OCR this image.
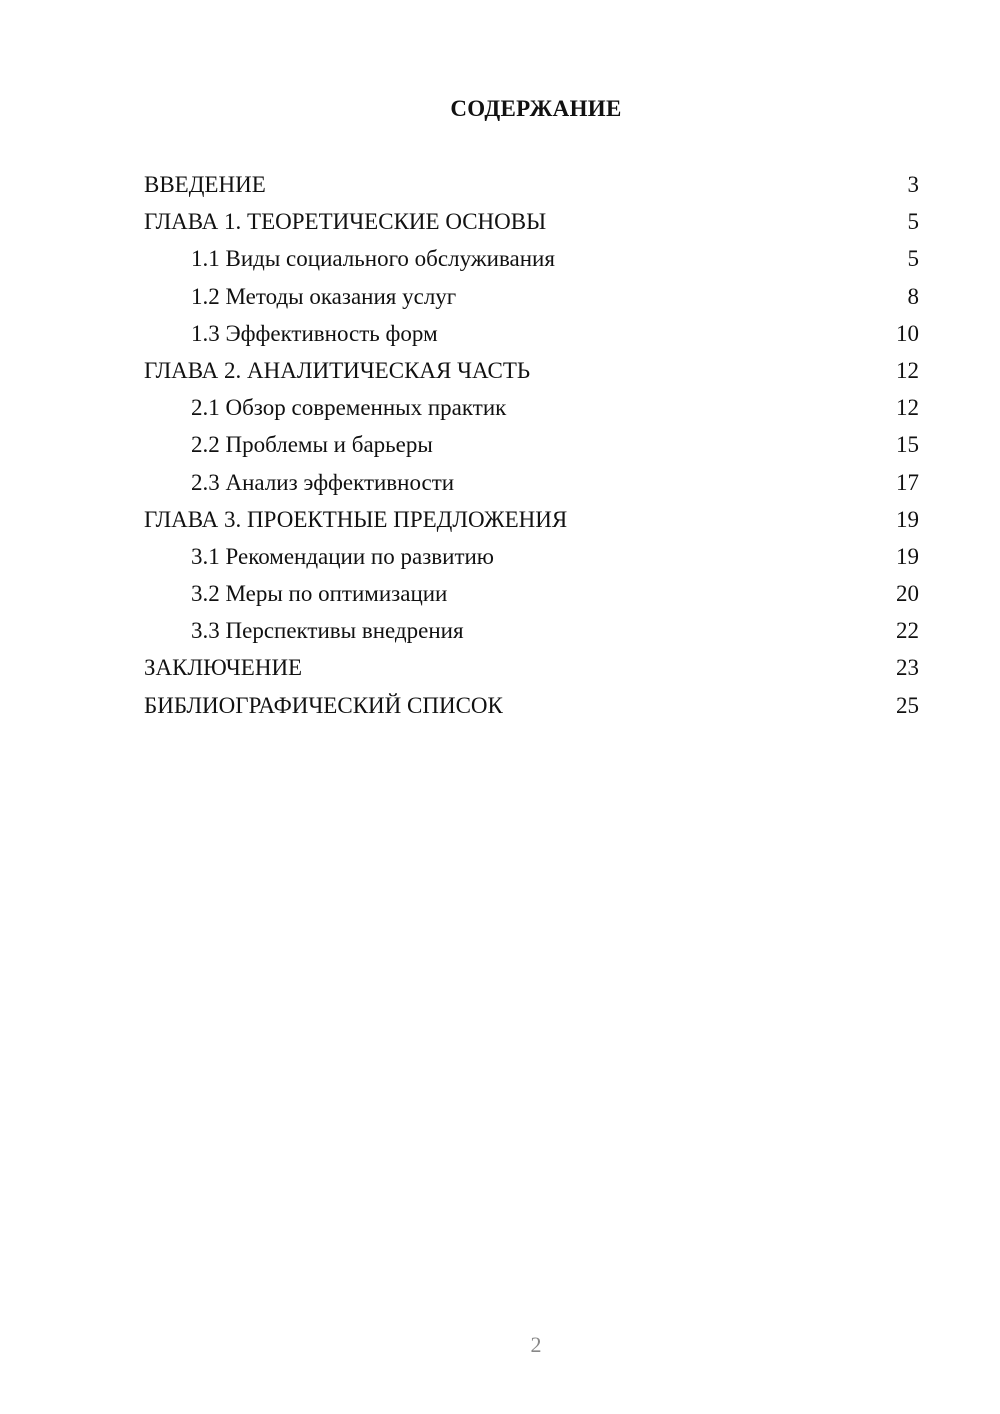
СОДЕРЖАНИЕ
ВВЕДЕНИЕ	3
ГЛАВА 1. ТЕОРЕТИЧЕСКИЕ ОСНОВЫ	5
1.1 Виды социального обслуживания	5
1.2 Методы оказания услуг	8
1.3 Эффективность форм	10
ГЛАВА 2. АНАЛИТИЧЕСКАЯ ЧАСТЬ	12
2.1 Обзор современных практик	12
2.2 Проблемы и барьеры	15
2.3 Анализ эффективности	17
ГЛАВА 3. ПРОЕКТНЫЕ ПРЕДЛОЖЕНИЯ	19
3.1 Рекомендации по развитию	19
3.2 Меры по оптимизации	20
3.3 Перспективы внедрения	22
ЗАКЛЮЧЕНИЕ	23
БИБЛИОГРАФИЧЕСКИЙ СПИСОК	25
2
